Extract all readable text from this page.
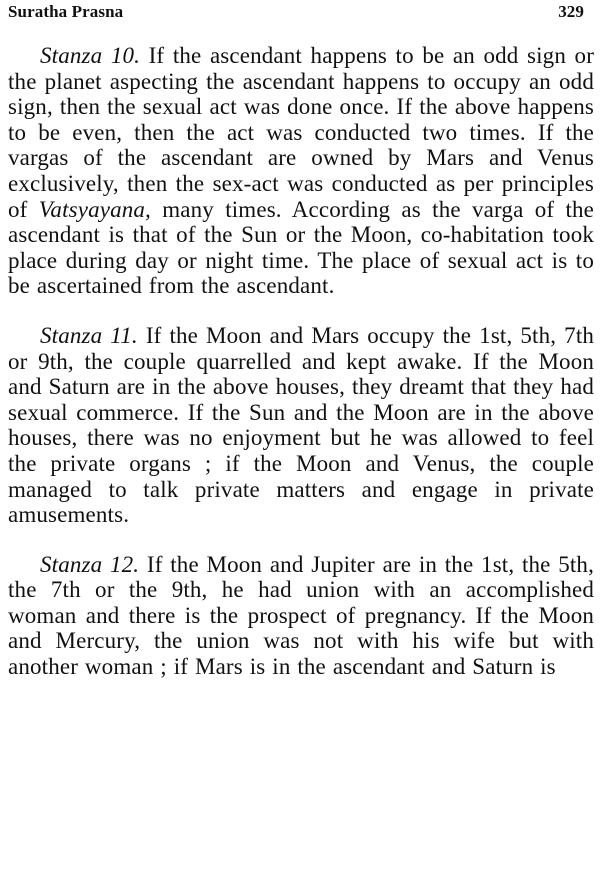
Suratha Prasna	329

Stanza 10. If the ascendant happens to be an odd sign or the planet aspecting the ascendant happens to occupy an odd sign, then the sexual act was done once. If the above happens to be even, then the act was conducted two times. If the vargas of the ascendant are owned by Mars and Venus exclusively, then the sex-act was conducted as per principles of Vatsyayana, many times. According as the varga of the ascendant is that of the Sun or the Moon, co-habitation took place during day or night time. The place of sexual act is to be ascertained from the ascendant.

Stanza 11. If the Moon and Mars occupy the 1st, 5th, 7th or 9th, the couple quarrelled and kept awake. If the Moon and Saturn are in the above houses, they dreamt that they had sexual commerce. If the Sun and the Moon are in the above houses, there was no enjoyment but he was allowed to feel the private organs ; if the Moon and Venus, the couple managed to talk private matters and engage in private amusements.

Stanza 12. If the Moon and Jupiter are in the 1st, the 5th, the 7th or the 9th, he had union with an accomplished woman and there is the prospect of pregnancy. If the Moon and Mercury, the union was not with his wife but with another woman ; if Mars is in the ascendant and Saturn is
